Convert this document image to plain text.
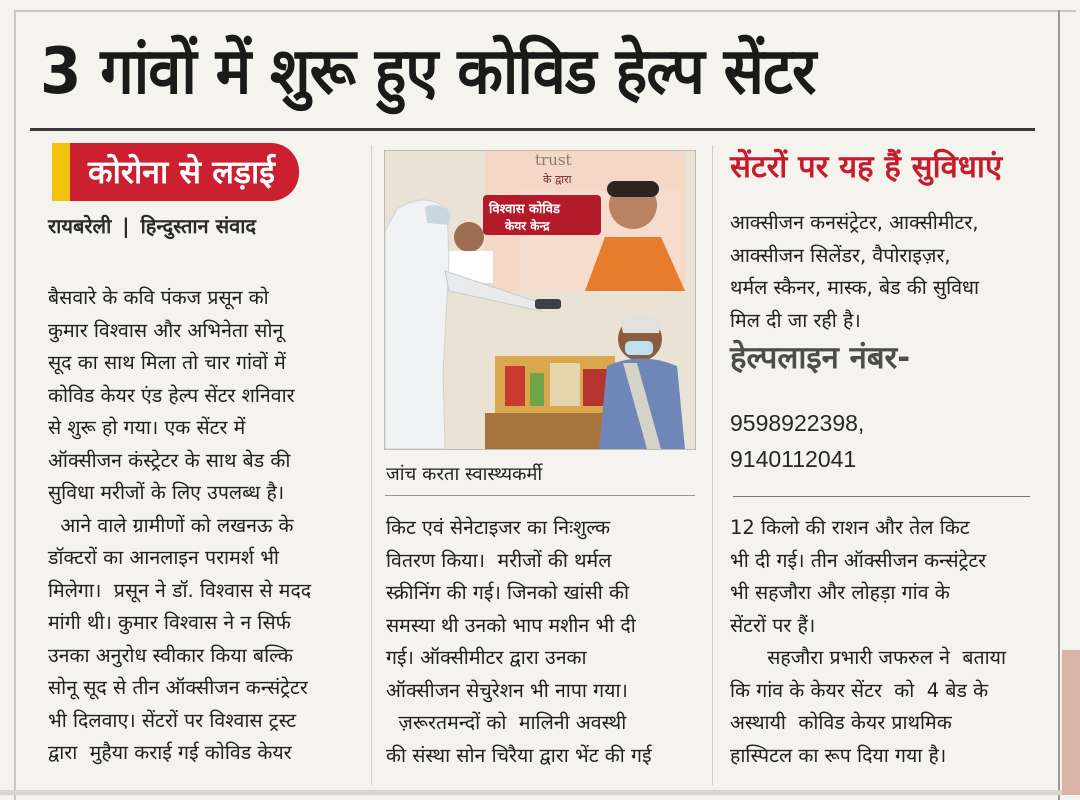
3 गांवों में शुरू हुए कोविड हेल्प सेंटर
कोरोना से लड़ाई
रायबरेली | हिन्दुस्तान संवाद
बैसवारे के कवि पंकज प्रसून को
कुमार विश्वास और अभिनेता सोनू
सूद का साथ मिला तो चार गांवों में
कोविड केयर एंड हेल्प सेंटर शनिवार
से शुरू हो गया। एक सेंटर में
ऑक्सीजन कंस्ट्रेटर के साथ बेड की
सुविधा मरीजों के लिए उपलब्ध है।
आने वाले ग्रामीणों को लखनऊ के
डॉक्टरों का आनलाइन परामर्श भी
मिलेगा।  प्रसून ने डॉ. विश्वास से मदद
मांगी थी। कुमार विश्वास ने न सिर्फ
उनका अनुरोध स्वीकार किया बल्कि
सोनू सूद से तीन ऑक्सीजन कन्संट्रेटर
भी दिलवाए। सेंटरों पर विश्वास ट्रस्ट
द्वारा  मुहैया कराई गई कोविड केयर
trust
के द्वारा
विश्वास कोविड
केयर केन्द्र
जांच करता स्वास्थ्यकर्मी
किट एवं सेनेटाइजर का निःशुल्क
वितरण किया।  मरीजों की थर्मल
स्क्रीनिंग की गई। जिनको खांसी की
समस्या थी उनको भाप मशीन भी दी
गई। ऑक्सीमीटर द्वारा उनका
ऑक्सीजन सेचुरेशन भी नापा गया।
ज़रूरतमन्दों को  मालिनी अवस्थी
की संस्था सोन चिरैया द्वारा भेंट की गई
सेंटरों पर यह हैं सुविधाएं
आक्सीजन कनसंट्रेटर, आक्सीमीटर,
आक्सीजन सिलेंडर, वैपोराइज़र,
थर्मल स्कैनर, मास्क, बेड की सुविधा
मिल दी जा रही है।
हेल्पलाइन नंबर-
9598922398,
9140112041
12 किलो की राशन और तेल किट
भी दी गई। तीन ऑक्सीजन कन्संट्रेटर
भी सहजौरा और लोहड़ा गांव के
सेंटरों पर हैं।
सहजौरा प्रभारी जफरुल ने  बताया
कि गांव के केयर सेंटर  को  4 बेड के
अस्थायी  कोविड केयर प्राथमिक
हास्पिटल का रूप दिया गया है।
